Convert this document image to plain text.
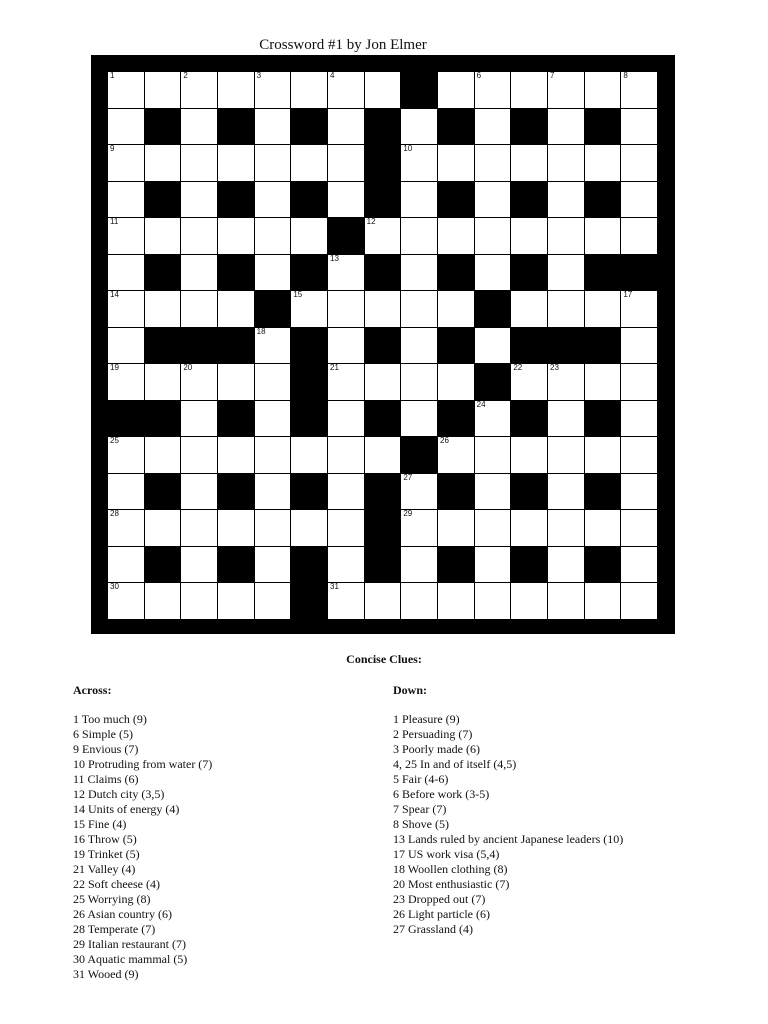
Crossword #1 by Jon Elmer
1	2	3	4	6	7	8
9	10
11	12
13
14	15	17
18
19	20	21	22	23
24
25	26
27
28	29
30	31
Concise Clues:
Across:
1 Too much (9)
6 Simple (5)
9 Envious (7)
10 Protruding from water (7)
11 Claims (6)
12 Dutch city (3,5)
14 Units of energy (4)
15 Fine (4)
16 Throw (5)
19 Trinket (5)
21 Valley (4)
22 Soft cheese (4)
25 Worrying (8)
26 Asian country (6)
28 Temperate (7)
29 Italian restaurant (7)
30 Aquatic mammal (5)
31 Wooed (9)
Down:
1 Pleasure (9)
2 Persuading (7)
3 Poorly made (6)
4, 25 In and of itself (4,5)
5 Fair (4-6)
6 Before work (3-5)
7 Spear (7)
8 Shove (5)
13 Lands ruled by ancient Japanese leaders (10)
17 US work visa (5,4)
18 Woollen clothing (8)
20 Most enthusiastic (7)
23 Dropped out (7)
26 Light particle (6)
27 Grassland (4)
